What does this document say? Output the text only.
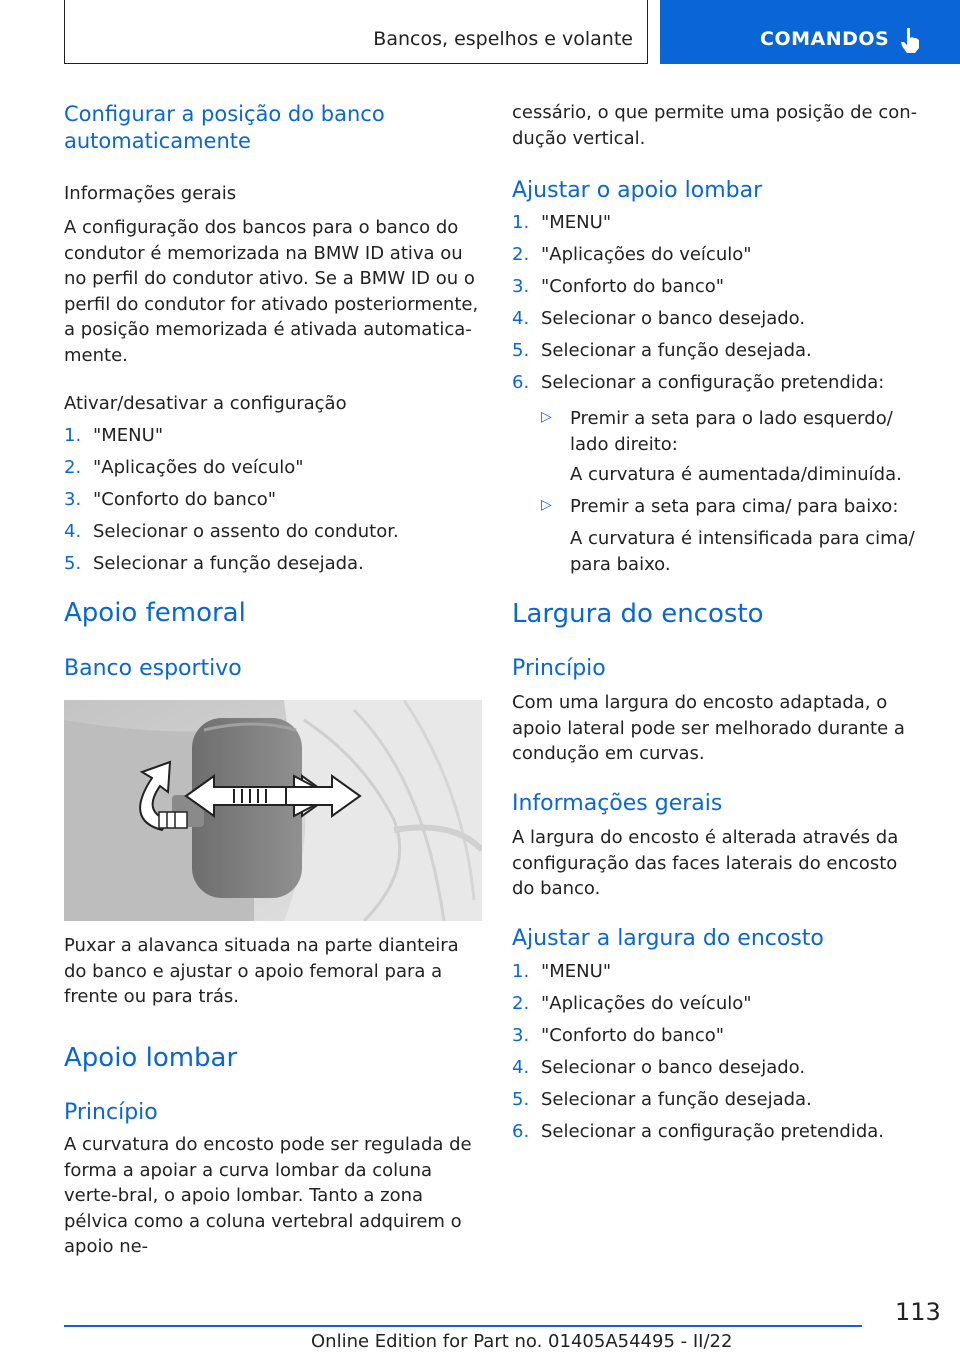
Bancos, espelhos e volante	COMANDOS
Configurar a posição do banco automaticamente
Informações gerais
A configuração dos bancos para o banco do condutor é memorizada na BMW ID ativa ou no perfil do condutor ativo. Se a BMW ID ou o perfil do condutor for ativado posteriormente, a posição memorizada é ativada automatica-mente.
Ativar/desativar a configuração
1. "MENU"
2. "Aplicações do veículo"
3. "Conforto do banco"
4. Selecionar o assento do condutor.
5. Selecionar a função desejada.
Apoio femoral
Banco esportivo
Puxar a alavanca situada na parte dianteira do banco e ajustar o apoio femoral para a frente ou para trás.
Apoio lombar
Princípio
A curvatura do encosto pode ser regulada de forma a apoiar a curva lombar da coluna verte-bral, o apoio lombar. Tanto a zona pélvica como a coluna vertebral adquirem o apoio ne-
cessário, o que permite uma posição de con-dução vertical.
Ajustar o apoio lombar
1. "MENU"
2. "Aplicações do veículo"
3. "Conforto do banco"
4. Selecionar o banco desejado.
5. Selecionar a função desejada.
6. Selecionar a configuração pretendida:
▷ Premir a seta para o lado esquerdo/ lado direito:
A curvatura é aumentada/diminuída.
▷ Premir a seta para cima/ para baixo:
A curvatura é intensificada para cima/ para baixo.
Largura do encosto
Princípio
Com uma largura do encosto adaptada, o apoio lateral pode ser melhorado durante a condução em curvas.
Informações gerais
A largura do encosto é alterada através da configuração das faces laterais do encosto do banco.
Ajustar a largura do encosto
1. "MENU"
2. "Aplicações do veículo"
3. "Conforto do banco"
4. Selecionar o banco desejado.
5. Selecionar a função desejada.
6. Selecionar a configuração pretendida.
113
Online Edition for Part no. 01405A54495 - II/22
